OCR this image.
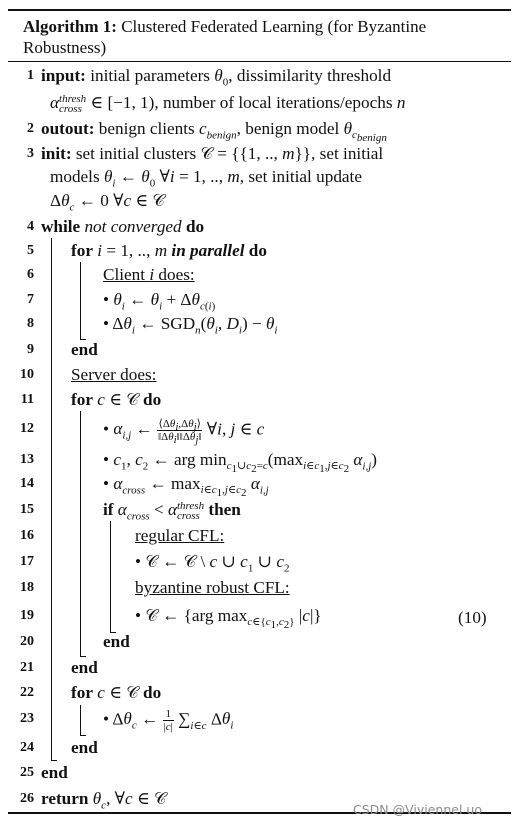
Algorithm 1: Clustered Federated Learning (for Byzantine Robustness)
1 input: initial parameters $\theta_0$, dissimilarity threshold
α thresh
cross ∈ [−1, 1), number of local iterations/epochs n
2 outout: benign clients $c_{benign}$, benign model $\theta_{c_{benign}}$
3 init: set initial clusters 𝒞 = {{1, .., m}}, set initial
models $\theta_i$ ← $\theta_0$ ∀i = 1, .., m, set initial update
$\Delta\theta_c$ ← 0 ∀c ∈ 𝒞
4 while not converged do
5 for i = 1, .., m in parallel do
6	Client i does:
7	• $\theta_i$ ← $\theta_i + \Delta\theta_{c(i)}$
8	• $\Delta\theta_i$ ← $SGD_n(\theta_i$, $D_i) - \theta_i$
9 end
10 Server does:
11 for c ∈ 𝒞 do
12	• $\alpha_{i,j}$ ← $\frac{⟨\Delta\theta_i,\Delta\theta_j⟩}{‖\Delta\theta_i‖‖\Delta\theta_j‖}$ ∀i, j ∈ c
13	• $c_1$, $c_2$ ← arg $\min_{c_1\cup c_2=c}(\max_{i\in c_1,j\in c_2}$ $\alpha_{i,j}$)
14	• $\alpha_{cross}$ ← $\max_{i\in c_1,j\in c_2} \alpha_{i,j}$
15	if $\alpha_{cross} < \alpha$ thresh
cross then
16	regular CFL:
17	• 𝒞 ← 𝒞 \ c ∪ $c_1$ ∪ $c_2$
18	byzantine robust CFL:
19	• 𝒞 ← {arg $\max_{c\in\{c_1,c_2\}} |c|$}	(10)
20	end
21 end
22 for c ∈ 𝒞 do
23	• $\Delta\theta_c$ ← $\frac{1}{|c|} \sum_{i\in c}$ $\Delta\theta_i$
24 end
25 end
26 return $\theta_c$, ∀c ∈ 𝒞
CSDN @Viviennel uo
